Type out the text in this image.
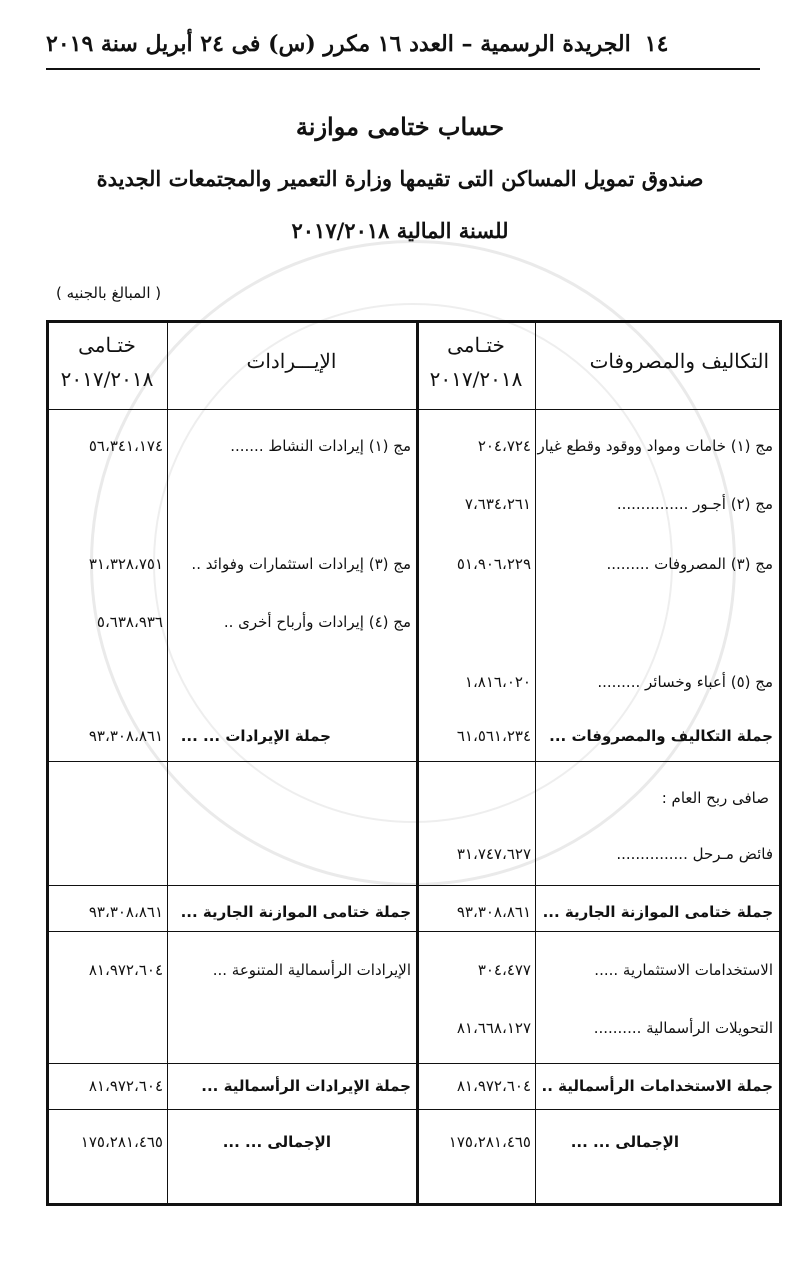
١٤
الجريدة الرسمية – العدد ١٦ مكرر (س) فى ٢٤ أبريل سنة ٢٠١٩
حساب ختامى موازنة
صندوق تمويل المساكن التى تقيمها وزارة التعمير والمجتمعات الجديدة
للسنة المالية ٢٠١٧/٢٠١٨
( المبالغ بالجنيه )
التكاليف والمصروفات
ختـامى
٢٠١٧/٢٠١٨
الإيـــرادات
ختـامى
٢٠١٧/٢٠١٨
مج (١) خامات ومواد ووقود وقطع غيار
٢٠٤،٧٢٤
مج (٢) أجـور ...............
٧،٦٣٤،٢٦١
مج (٣) المصروفات .........
٥١،٩٠٦،٢٢٩
مج (٥) أعباء وخسائر .........
١،٨١٦،٠٢٠
جملة التكاليف والمصروفات ...
٦١،٥٦١،٢٣٤
صافى ربح العام :
فائض مـرحل ...............
٣١،٧٤٧،٦٢٧
جملة ختامى الموازنة الجارية ...
٩٣،٣٠٨،٨٦١
الاستخدامات الاستثمارية .....
٣٠٤،٤٧٧
التحويلات الرأسمالية ..........
٨١،٦٦٨،١٢٧
جملة الاستخدامات الرأسمالية ..
٨١،٩٧٢،٦٠٤
الإجمالى ... ...
١٧٥،٢٨١،٤٦٥
مج (١) إيرادات النشاط .......
٥٦،٣٤١،١٧٤
مج (٣) إيرادات استثمارات وفوائد ..
٣١،٣٢٨،٧٥١
مج (٤) إيرادات وأرباح أخرى ..
٥،٦٣٨،٩٣٦
جملة الإيرادات ... ...
٩٣،٣٠٨،٨٦١
جملة ختامى الموازنة الجارية ...
٩٣،٣٠٨،٨٦١
الإيرادات الرأسمالية المتنوعة ...
٨١،٩٧٢،٦٠٤
جملة الإيرادات الرأسمالية ...
٨١،٩٧٢،٦٠٤
الإجمالى ... ...
١٧٥،٢٨١،٤٦٥
